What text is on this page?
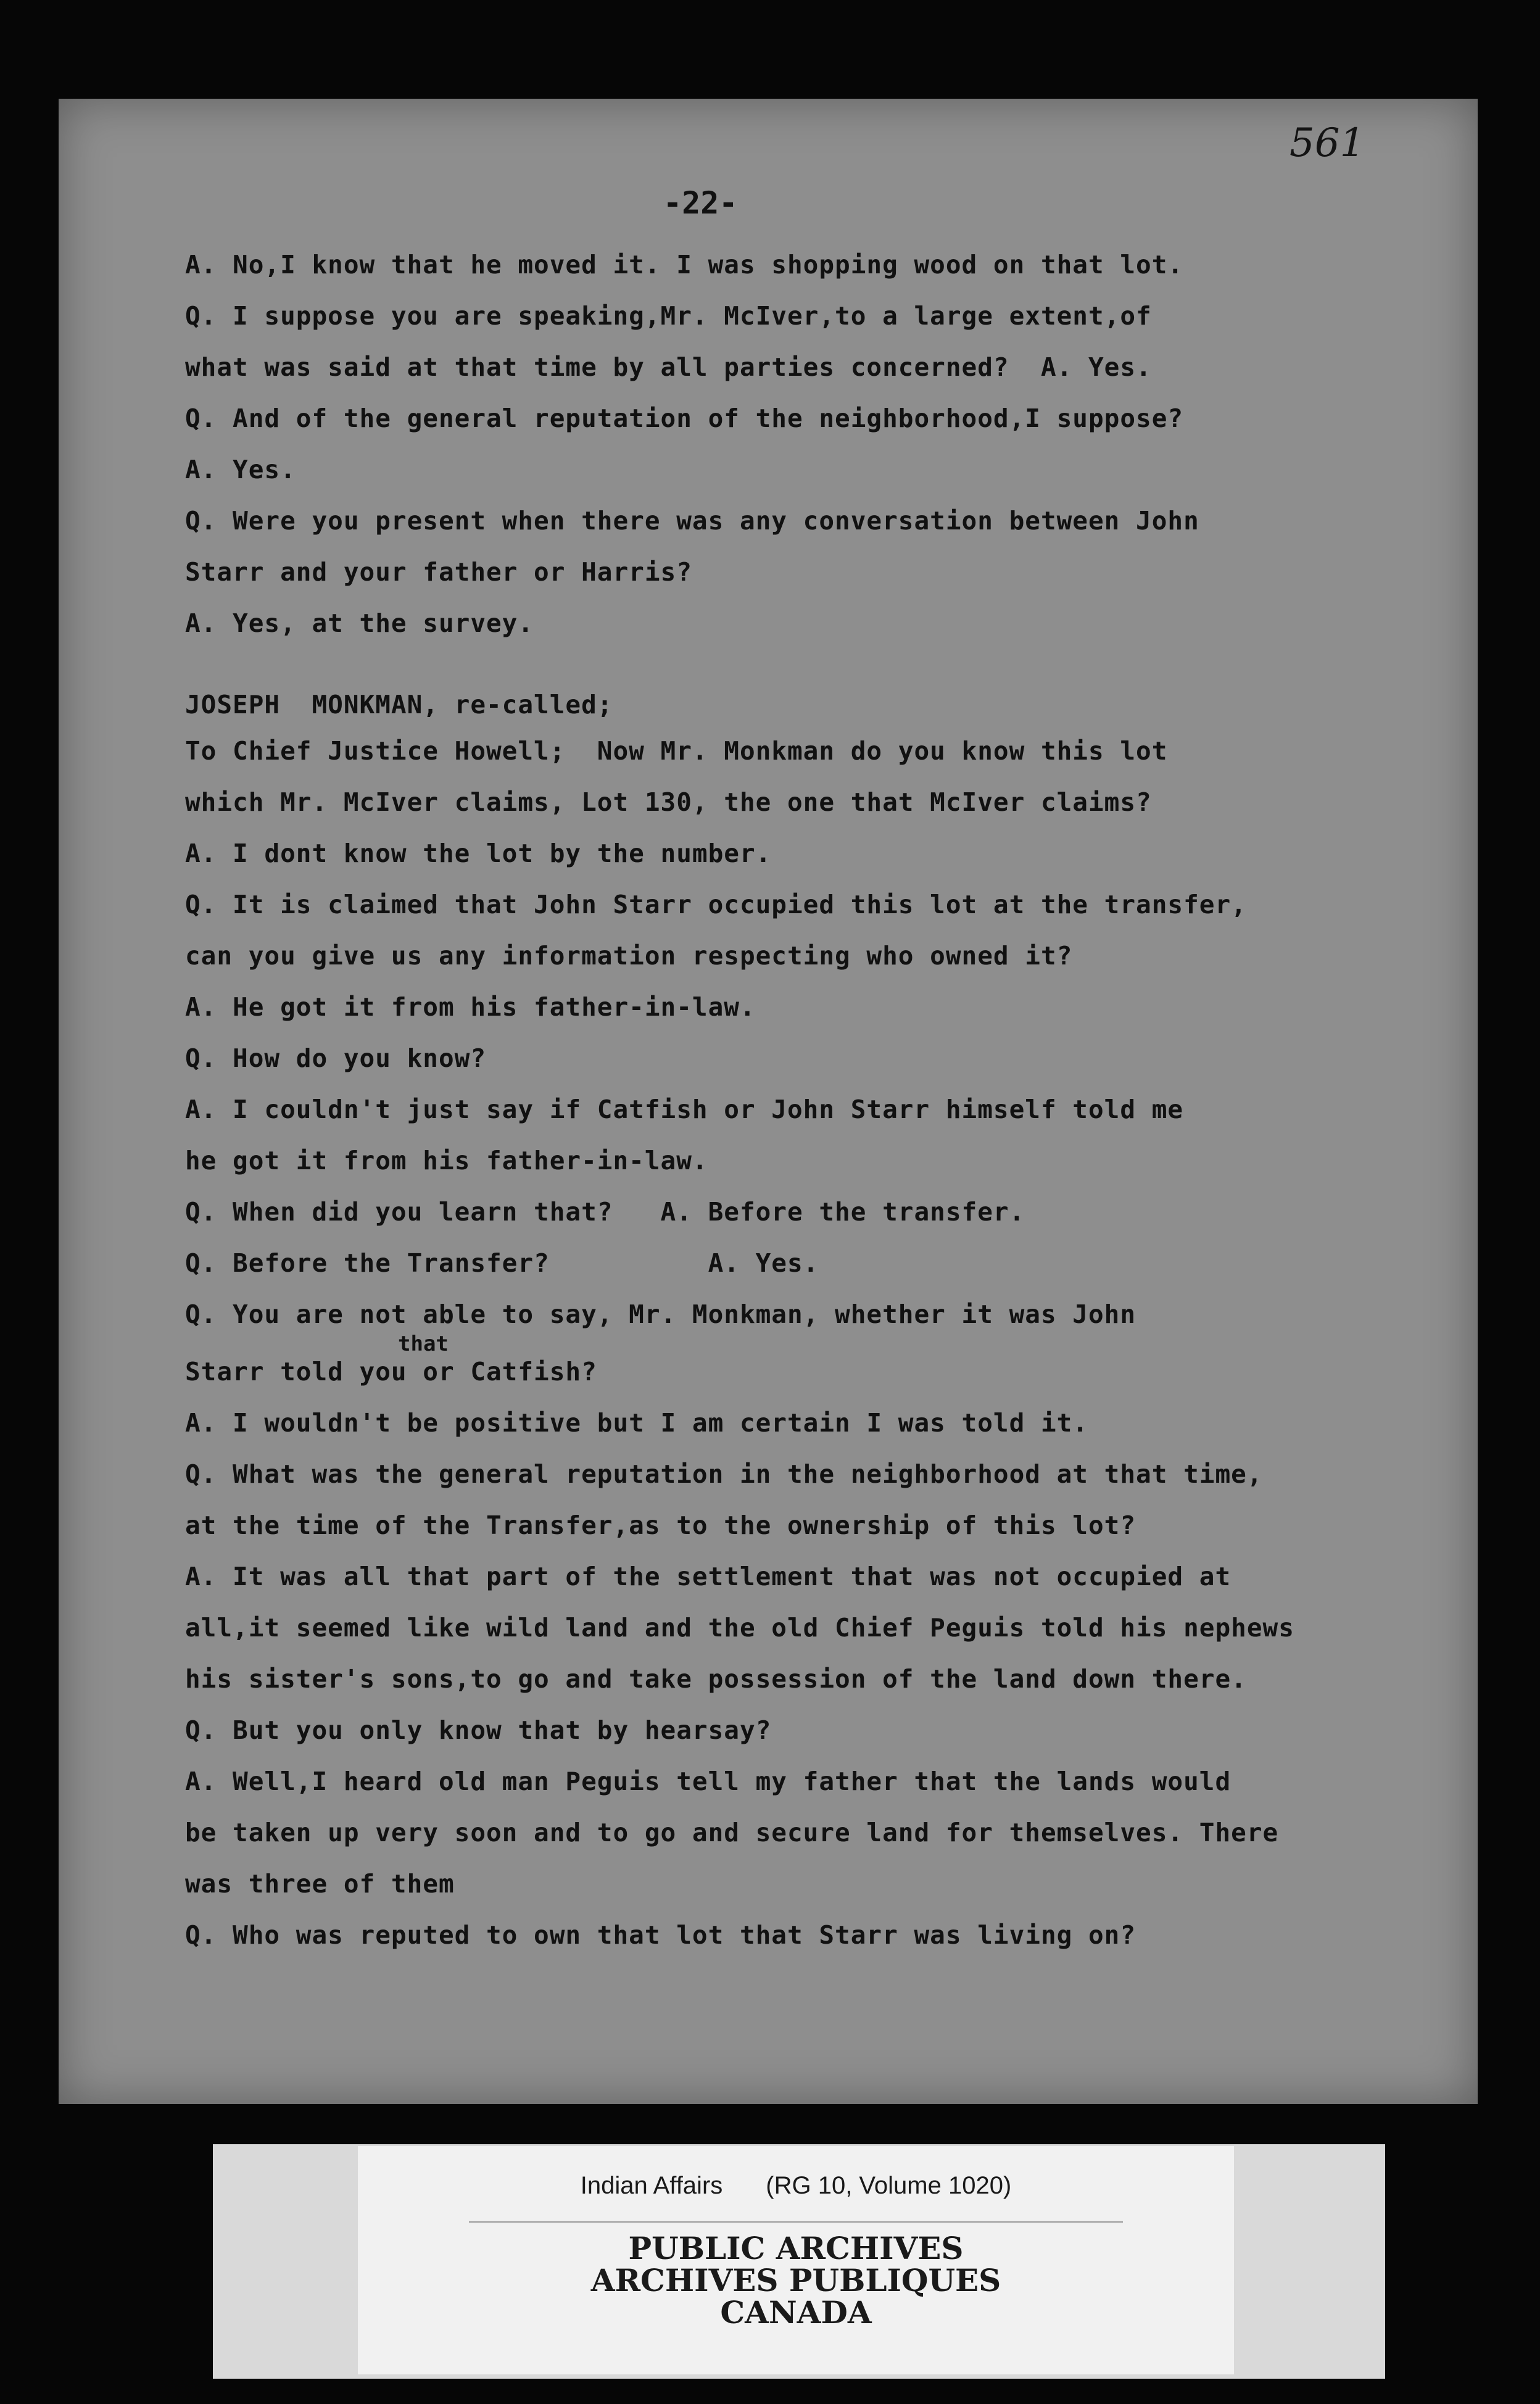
561
-22-
A. No,I know that he moved it. I was shopping wood on that lot.
Q. I suppose you are speaking,Mr. McIver,to a large extent,of
what was said at that time by all parties concerned?  A. Yes.
Q. And of the general reputation of the neighborhood,I suppose?
A. Yes.
Q. Were you present when there was any conversation between John
Starr and your father or Harris?
A. Yes, at the survey.
JOSEPH  MONKMAN, re-called;
To Chief Justice Howell;  Now Mr. Monkman do you know this lot
which Mr. McIver claims, Lot 130, the one that McIver claims?
A. I dont know the lot by the number.
Q. It is claimed that John Starr occupied this lot at the transfer,
can you give us any information respecting who owned it?
A. He got it from his father-in-law.
Q. How do you know?
A. I couldn't just say if Catfish or John Starr himself told me
he got it from his father-in-law.
Q. When did you learn that?   A. Before the transfer.
Q. Before the Transfer?          A. Yes.
Q. You are not able to say, Mr. Monkman, whether it was John
that
Starr told you or Catfish?
A. I wouldn't be positive but I am certain I was told it.
Q. What was the general reputation in the neighborhood at that time,
at the time of the Transfer,as to the ownership of this lot?
A. It was all that part of the settlement that was not occupied at
all,it seemed like wild land and the old Chief Peguis told his nephews
his sister's sons,to go and take possession of the land down there.
Q. But you only know that by hearsay?
A. Well,I heard old man Peguis tell my father that the lands would
be taken up very soon and to go and secure land for themselves. There
was three of them
Q. Who was reputed to own that lot that Starr was living on?
Indian Affairs (RG 10, Volume 1020)
PUBLIC ARCHIVES
ARCHIVES PUBLIQUES
CANADA
